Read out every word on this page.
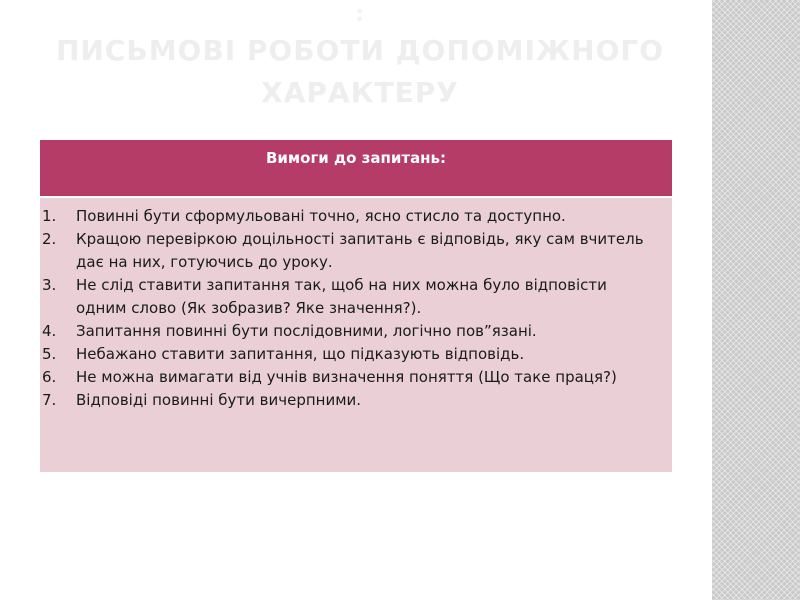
:
ПИСЬМОВІ РОБОТИ ДОПОМІЖНОГО ХАРАКТЕРУ
Вимоги до запитань:
1.	Повинні бути сформульовані точно, ясно стисло та доступно.
2.	Кращою перевіркою доцільності запитань є відповідь, яку сам вчитель дає на них, готуючись до уроку.
3.	Не слід ставити запитання так, щоб на них можна було відповісти одним слово (Як зобразив? Яке значення?).
4.	Запитання повинні бути послідовними, логічно пов”язані.
5.	Небажано ставити запитання, що підказують відповідь.
6.	Не можна вимагати від учнів визначення поняття (Що таке праця?)
7.	Відповіді повинні бути вичерпними.
